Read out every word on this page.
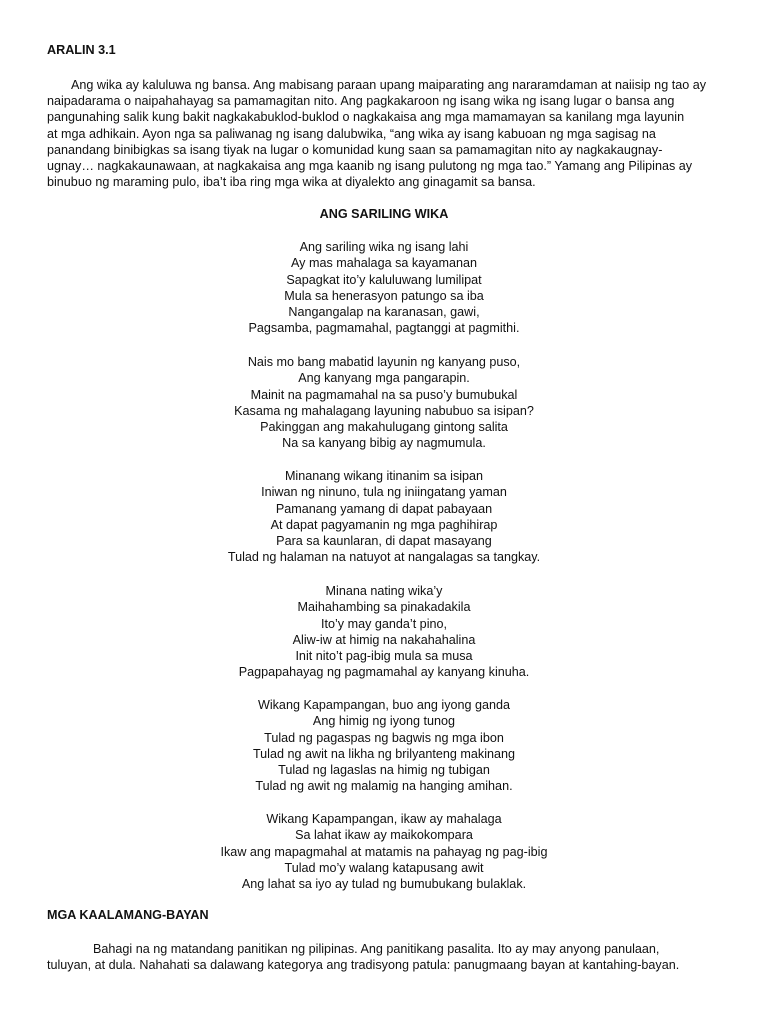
ARALIN 3.1
Ang wika ay kaluluwa ng bansa. Ang mabisang paraan upang maiparating ang nararamdaman at naiisip ng tao ay
naipadarama o naipahahayag sa pamamagitan nito. Ang pagkakaroon ng isang wika ng isang lugar o bansa ang
pangunahing salik kung bakit nagkakabuklod-buklod o nagkakaisa ang mga mamamayan sa kanilang mga layunin
at mga adhikain. Ayon nga sa paliwanag ng isang dalubwika, “ang wika ay isang kabuoan ng mga sagisag na
panandang binibigkas sa isang tiyak na lugar o komunidad kung saan sa pamamagitan nito ay nagkakaugnay-
ugnay… nagkakaunawaan, at nagkakaisa ang mga kaanib ng isang pulutong ng mga tao.” Yamang ang Pilipinas ay
binubuo ng maraming pulo, iba’t iba ring mga wika at diyalekto ang ginagamit sa bansa.
ANG SARILING WIKA
Ang sariling wika ng isang lahi
Ay mas mahalaga sa kayamanan
Sapagkat ito’y kaluluwang lumilipat
Mula sa henerasyon patungo sa iba
Nangangalap na karanasan, gawi,
Pagsamba, pagmamahal, pagtanggi at pagmithi.
Nais mo bang mabatid layunin ng kanyang puso,
Ang kanyang mga pangarapin.
Mainit na pagmamahal na sa puso’y bumubukal
Kasama ng mahalagang layuning nabubuo sa isipan?
Pakinggan ang makahulugang gintong salita
Na sa kanyang bibig ay nagmumula.
Minanang wikang itinanim sa isipan
Iniwan ng ninuno, tula ng iniingatang yaman
Pamanang yamang di dapat pabayaan
At dapat pagyamanin ng mga paghihirap
Para sa kaunlaran, di dapat masayang
Tulad ng halaman na natuyot at nangalagas sa tangkay.
Minana nating wika’y
Maihahambing sa pinakadakila
Ito’y may ganda’t pino,
Aliw-iw at himig na nakahahalina
Init nito’t pag-ibig mula sa musa
Pagpapahayag ng pagmamahal ay kanyang kinuha.
Wikang Kapampangan, buo ang iyong ganda
Ang himig ng iyong tunog
Tulad ng pagaspas ng bagwis ng mga ibon
Tulad ng awit na likha ng brilyanteng makinang
Tulad ng lagaslas na himig ng tubigan
Tulad ng awit ng malamig na hanging amihan.
Wikang Kapampangan, ikaw ay mahalaga
Sa lahat ikaw ay maikokompara
Ikaw ang mapagmahal at matamis na pahayag ng pag-ibig
Tulad mo’y walang katapusang awit
Ang lahat sa iyo ay tulad ng bumubukang bulaklak.
MGA KAALAMANG-BAYAN
Bahagi na ng matandang panitikan ng pilipinas. Ang panitikang pasalita. Ito ay may anyong panulaan,
tuluyan, at dula. Nahahati sa dalawang kategorya ang tradisyong patula: panugmaang bayan at kantahing-bayan.
